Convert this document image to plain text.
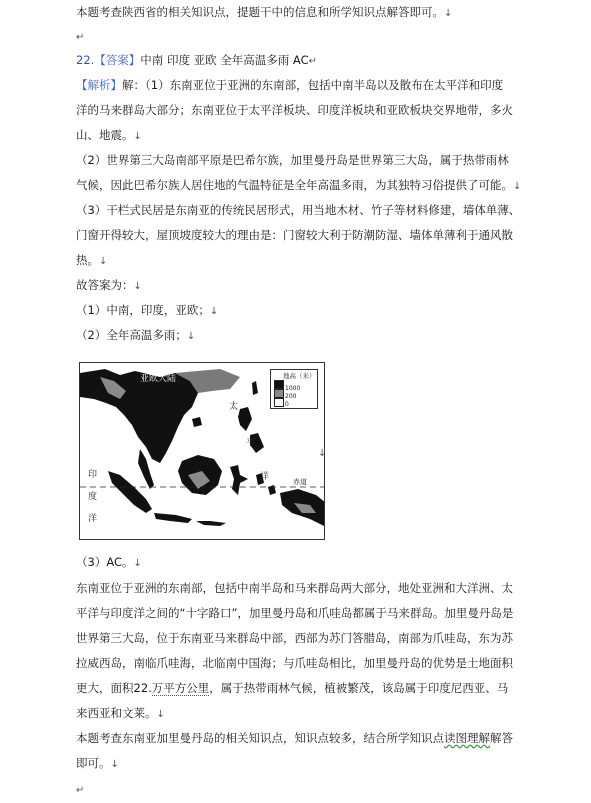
本题考查陕西省的相关知识点，提题干中的信息和所学知识点解答即可。↓
↵
22.【答案】中南 印度 亚欧 全年高温多雨 AC↵
【解析】解：（1）东南亚位于亚洲的东南部，包括中南半岛以及散布在太平洋和印度
洋的马来群岛大部分；东南亚位于太平洋板块、印度洋板块和亚欧板块交界地带，多火
山、地震。↓
（2）世界第三大岛南部平原是巴希尔族，加里曼丹岛是世界第三大岛，属于热带雨林
气候，因此巴希尔族人居住地的气温特征是全年高温多雨，为其独特习俗提供了可能。↓
（3）干栏式民居是东南亚的传统民居形式，用当地木材、竹子等材料修建，墙体单薄、
门窗开得较大，屋顶坡度较大的理由是：门窗较大利于防潮防湿、墙体单薄利于通风散
热。↓
故答案为：↓
（1）中南，印度，亚欧；↓
（2）全年高温多雨；↓
亚欧大陆
太
平
洋
印
度
洋
赤道
地高（米）
1000
200
0
↓
（3）AC。↓
东南亚位于亚洲的东南部，包括中南半岛和马来群岛两大部分，地处亚洲和大洋洲、太
平洋与印度洋之间的“十字路口”，加里曼丹岛和爪哇岛都属于马来群岛。加里曼丹岛是
世界第三大岛，位于东南亚马来群岛中部，西部为苏门答腊岛，南部为爪哇岛，东为苏
拉威西岛，南临爪哇海，北临南中国海；与爪哇岛相比，加里曼丹岛的优势是土地面积
更大，面积22.万平方公里，属于热带雨林气候，植被繁茂，该岛属于印度尼西亚、马
来西亚和文莱。↓
本题考查东南亚加里曼丹岛的相关知识点，知识点较多，结合所学知识点读图理解解答
即可。↓
↵
